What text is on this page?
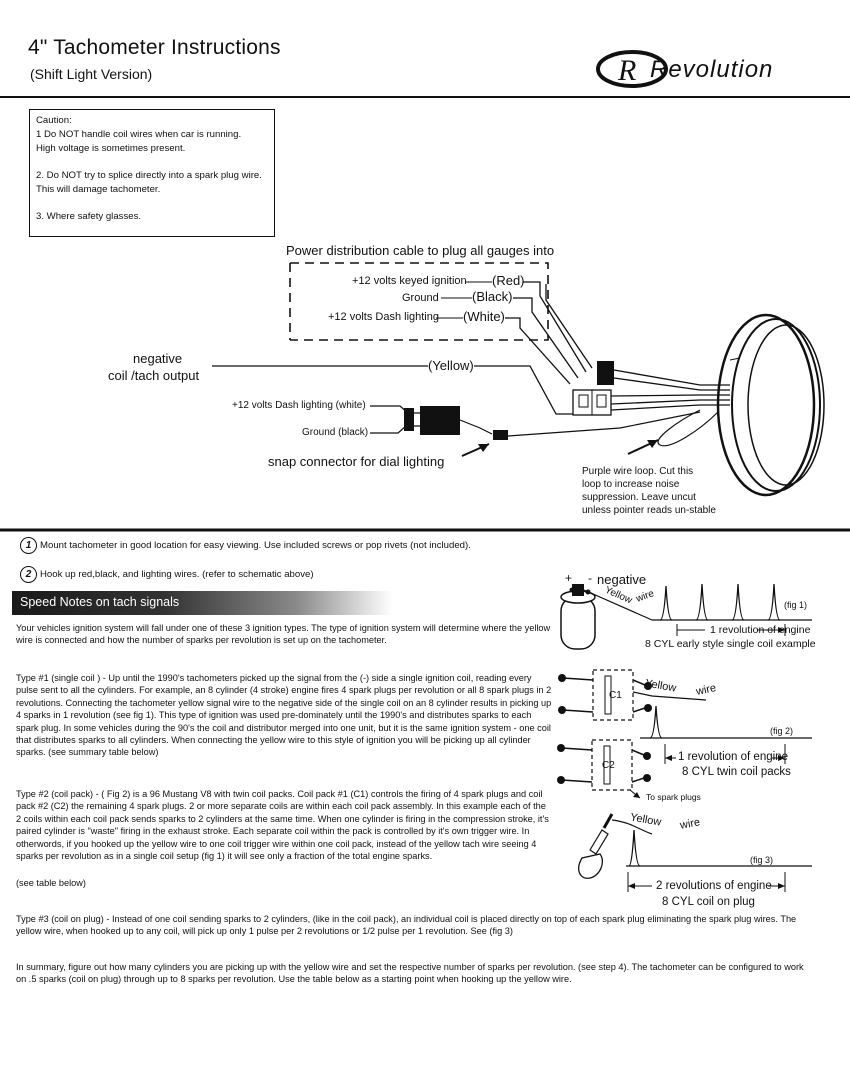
4" Tachometer Instructions
(Shift Light Version)	R Revolution
Caution:
1 Do NOT handle coil wires when car is running.
High voltage is sometimes present.
2. Do NOT try to splice directly into a spark plug wire.
This will damage tachometer.
3. Where safety glasses.
Power distribution cable to plug all gauges into
+12 volts keyed ignition
Ground
+12 volts Dash lighting
(Red)
(Black)
(White)
negative
coil /tach output
(Yellow)
+12 volts Dash lighting (white)
Ground (black)
snap connector for dial lighting
Purple wire loop. Cut this
loop to increase noise
suppression. Leave uncut
unless pointer reads un-stable
1 Mount tachometer in good location for easy viewing. Use included screws or pop rivets (not included).
2 Hook up red,black, and lighting wires. (refer to schematic above)
Speed Notes on tach signals
Your vehicles ignition system will fall under one of these 3 ignition types. The type of ignition system will determine where the yellow wire is connected and how the number of sparks per revolution is set up on the tachometer.
Type #1 (single coil ) - Up until the 1990's tachometers picked up the signal from the (-) side a single ignition coil, reading every pulse sent to all the cylinders. For example, an 8 cylinder (4 stroke) engine fires 4 spark plugs per revolution or all 8 spark plugs in 2 revolutions. Connecting the tachometer yellow signal wire to the negative side of the single coil on an 8 cylinder results in picking up 4 sparks in 1 revolution (see fig 1). This type of ignition was used pre-dominately until the 1990's and distributes sparks to each spark plug. In some vehicles during the 90's the coil and distributor merged into one unit, but it is the same ignition system - one coil that distributes sparks to all cylinders. When connecting the yellow wire to this style of ignition you will be picking up all cylinder sparks. (see summary table below)
Type #2 (coil pack) - ( Fig 2) is a 96 Mustang V8 with twin coil packs. Coil pack #1 (C1) controls the firing of 4 spark plugs and coil pack #2 (C2) the remaining 4 spark plugs. 2 or more separate coils are within each coil pack assembly. In this example each of the 2 coils within each coil pack sends sparks to 2 cylinders at the same time. When one cylinder is firing in the compression stroke, it's paired cylinder is "waste" firing in the exhaust stroke. Each separate coil within the pack is controlled by it's own trigger wire. In otherwords, if you hooked up the yellow wire to one coil trigger wire within one coil pack, instead of the yellow tach wire seeing 4 sparks per revolution as in a single coil setup (fig 1) it will see only a fraction of the total engine sparks.
(see table below)
Type #3 (coil on plug) - Instead of one coil sending sparks to 2 cylinders, (like in the coil pack), an individual coil is placed directly on top of each spark plug eliminating the spark plug wires. The yellow wire, when hooked up to any coil, will pick up only 1 pulse per 2 revolutions or 1/2 pulse per 1 revolution. See (fig 3)
In summary, figure out how many cylinders you are picking up with the yellow wire and set the respective number of sparks per revolution. (see step 4). The tachometer can be configured to work on .5 sparks (coil on plug) through up to 8 sparks per revolution. Use the table below as a starting point when hooking up the yellow wire.
+ - negative
Yellow wire
(fig 1)
1 revolution of engine
8 CYL early style single coil example
C1
C2
Yellow wire
(fig 2)
1 revolution of engine
8 CYL twin coil packs
To spark plugs
Yellow wire
(fig 3)
2 revolutions of engine
8 CYL coil on plug
